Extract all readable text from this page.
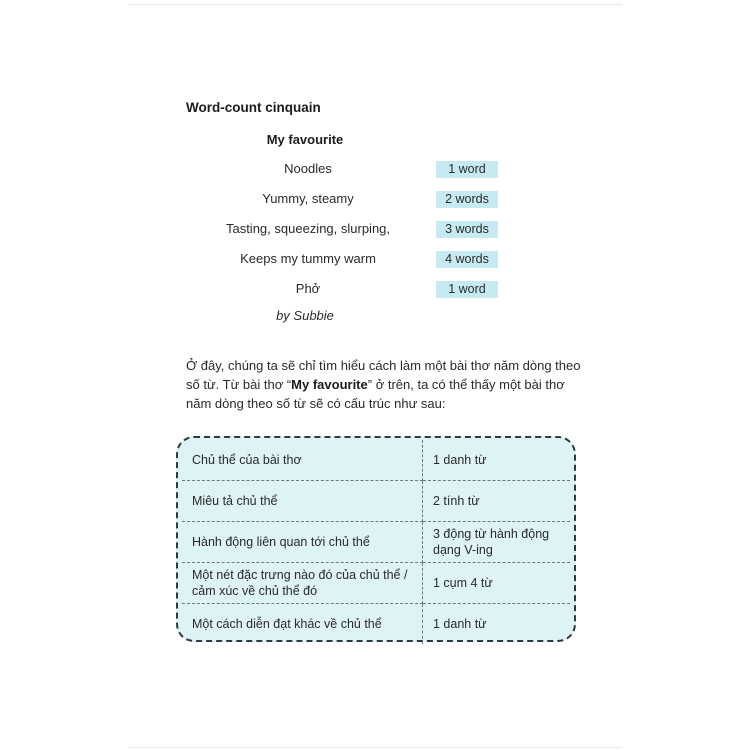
Word-count cinquain
My favourite
Noodles	1 word
Yummy, steamy	2 words
Tasting, squeezing, slurping,	3 words
Keeps my tummy warm	4 words
Phở	1 word
by Subbie
Ở đây, chúng ta sẽ chỉ tìm hiểu cách làm một bài thơ năm dòng theo số từ. Từ bài thơ “My favourite” ở trên, ta có thể thấy một bài thơ năm dòng theo số từ sẽ có cấu trúc như sau:
Chủ thể của bài thơ	1 danh từ
Miêu tả chủ thể	2 tính từ
Hành động liên quan tới chủ thể	3 động từ hành động dạng V-ing
Một nét đặc trưng nào đó của chủ thể / cảm xúc về chủ thể đó	1 cụm 4 từ
Một cách diễn đạt khác về chủ thể	1 danh từ
